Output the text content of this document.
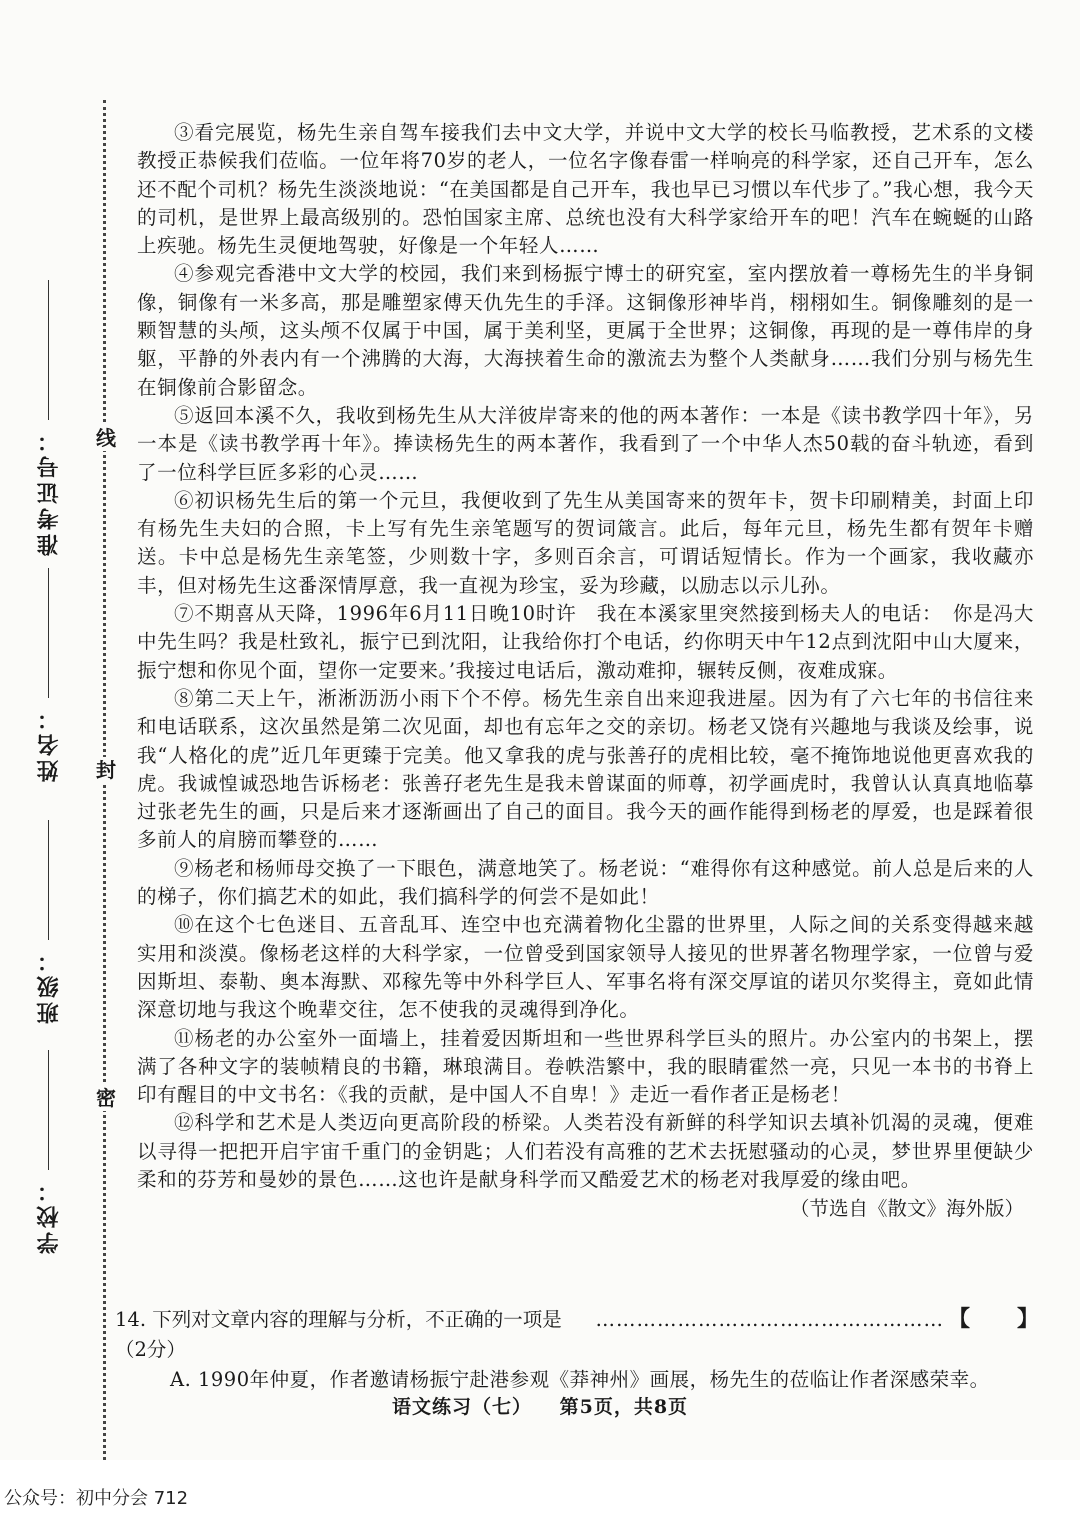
线
封
密
准考证号：
姓名：
班级：
学校：

③看完展览，杨先生亲自驾车接我们去中文大学，并说中文大学的校长马临教授，艺术系的文楼教授正恭候我们莅临。一位年将70岁的老人，一位名字像春雷一样响亮的科学家，还自己开车，怎么还不配个司机？杨先生淡淡地说：“在美国都是自己开车，我也早已习惯以车代步了。”我心想，我今天的司机，是世界上最高级别的。恐怕国家主席、总统也没有大科学家给开车的吧！汽车在蜿蜒的山路上疾驰。杨先生灵便地驾驶，好像是一个年轻人……

④参观完香港中文大学的校园，我们来到杨振宁博士的研究室，室内摆放着一尊杨先生的半身铜像，铜像有一米多高，那是雕塑家傅天仇先生的手泽。这铜像形神毕肖，栩栩如生。铜像雕刻的是一颗智慧的头颅，这头颅不仅属于中国，属于美利坚，更属于全世界；这铜像，再现的是一尊伟岸的身躯，平静的外表内有一个沸腾的大海，大海挟着生命的激流去为整个人类献身……我们分别与杨先生在铜像前合影留念。

⑤返回本溪不久，我收到杨先生从大洋彼岸寄来的他的两本著作：一本是《读书教学四十年》，另一本是《读书教学再十年》。捧读杨先生的两本著作，我看到了一个中华人杰50载的奋斗轨迹，看到了一位科学巨匠多彩的心灵……

⑥初识杨先生后的第一个元旦，我便收到了先生从美国寄来的贺年卡，贺卡印刷精美，封面上印有杨先生夫妇的合照，卡上写有先生亲笔题写的贺词箴言。此后，每年元旦，杨先生都有贺年卡赠送。卡中总是杨先生亲笔签，少则数十字，多则百余言，可谓话短情长。作为一个画家，我收藏亦丰，但对杨先生这番深情厚意，我一直视为珍宝，妥为珍藏，以励志以示儿孙。

⑦不期喜从天降，1996年6月11日晚10时许　我在本溪家里突然接到杨夫人的电话：　你是冯大中先生吗？我是杜致礼，振宁已到沈阳，让我给你打个电话，约你明天中午12点到沈阳中山大厦来，振宁想和你见个面，望你一定要来。’我接过电话后，激动难抑，辗转反侧，夜难成寐。

⑧第二天上午，淅淅沥沥小雨下个不停。杨先生亲自出来迎我进屋。因为有了六七年的书信往来和电话联系，这次虽然是第二次见面，却也有忘年之交的亲切。杨老又饶有兴趣地与我谈及绘事，说我“人格化的虎”近几年更臻于完美。他又拿我的虎与张善孖的虎相比较，毫不掩饰地说他更喜欢我的虎。我诚惶诚恐地告诉杨老：张善孖老先生是我未曾谋面的师尊，初学画虎时，我曾认认真真地临摹过张老先生的画，只是后来才逐渐画出了自己的面目。我今天的画作能得到杨老的厚爱，也是踩着很多前人的肩膀而攀登的……

⑨杨老和杨师母交换了一下眼色，满意地笑了。杨老说：“难得你有这种感觉。前人总是后来的人的梯子，你们搞艺术的如此，我们搞科学的何尝不是如此！

⑩在这个七色迷目、五音乱耳、连空中也充满着物化尘嚣的世界里，人际之间的关系变得越来越实用和淡漠。像杨老这样的大科学家，一位曾受到国家领导人接见的世界著名物理学家，一位曾与爱因斯坦、泰勒、奥本海默、邓稼先等中外科学巨人、军事名将有深交厚谊的诺贝尔奖得主，竟如此情深意切地与我这个晚辈交往，怎不使我的灵魂得到净化。

⑪杨老的办公室外一面墙上，挂着爱因斯坦和一些世界科学巨头的照片。办公室内的书架上，摆满了各种文字的装帧精良的书籍，琳琅满目。卷帙浩繁中，我的眼睛霍然一亮，只见一本书的书脊上印有醒目的中文书名：《我的贡献，是中国人不自卑！》走近一看作者正是杨老！

⑫科学和艺术是人类迈向更高阶段的桥梁。人类若没有新鲜的科学知识去填补饥渴的灵魂，便难以寻得一把把开启宇宙千重门的金钥匙；人们若没有高雅的艺术去抚慰骚动的心灵，梦世界里便缺少柔和的芬芳和曼妙的景色……这也许是献身科学而又酷爱艺术的杨老对我厚爱的缘由吧。

（节选自《散文》海外版）

14. 下列对文章内容的理解与分析，不正确的一项是（2分）
…………………………………………… 【　　】
A. 1990年仲夏，作者邀请杨振宁赴港参观《莽神州》画展，杨先生的莅临让作者深感荣幸。
语文练习（七） 第5页，共8页
公众号：初中分会 712
